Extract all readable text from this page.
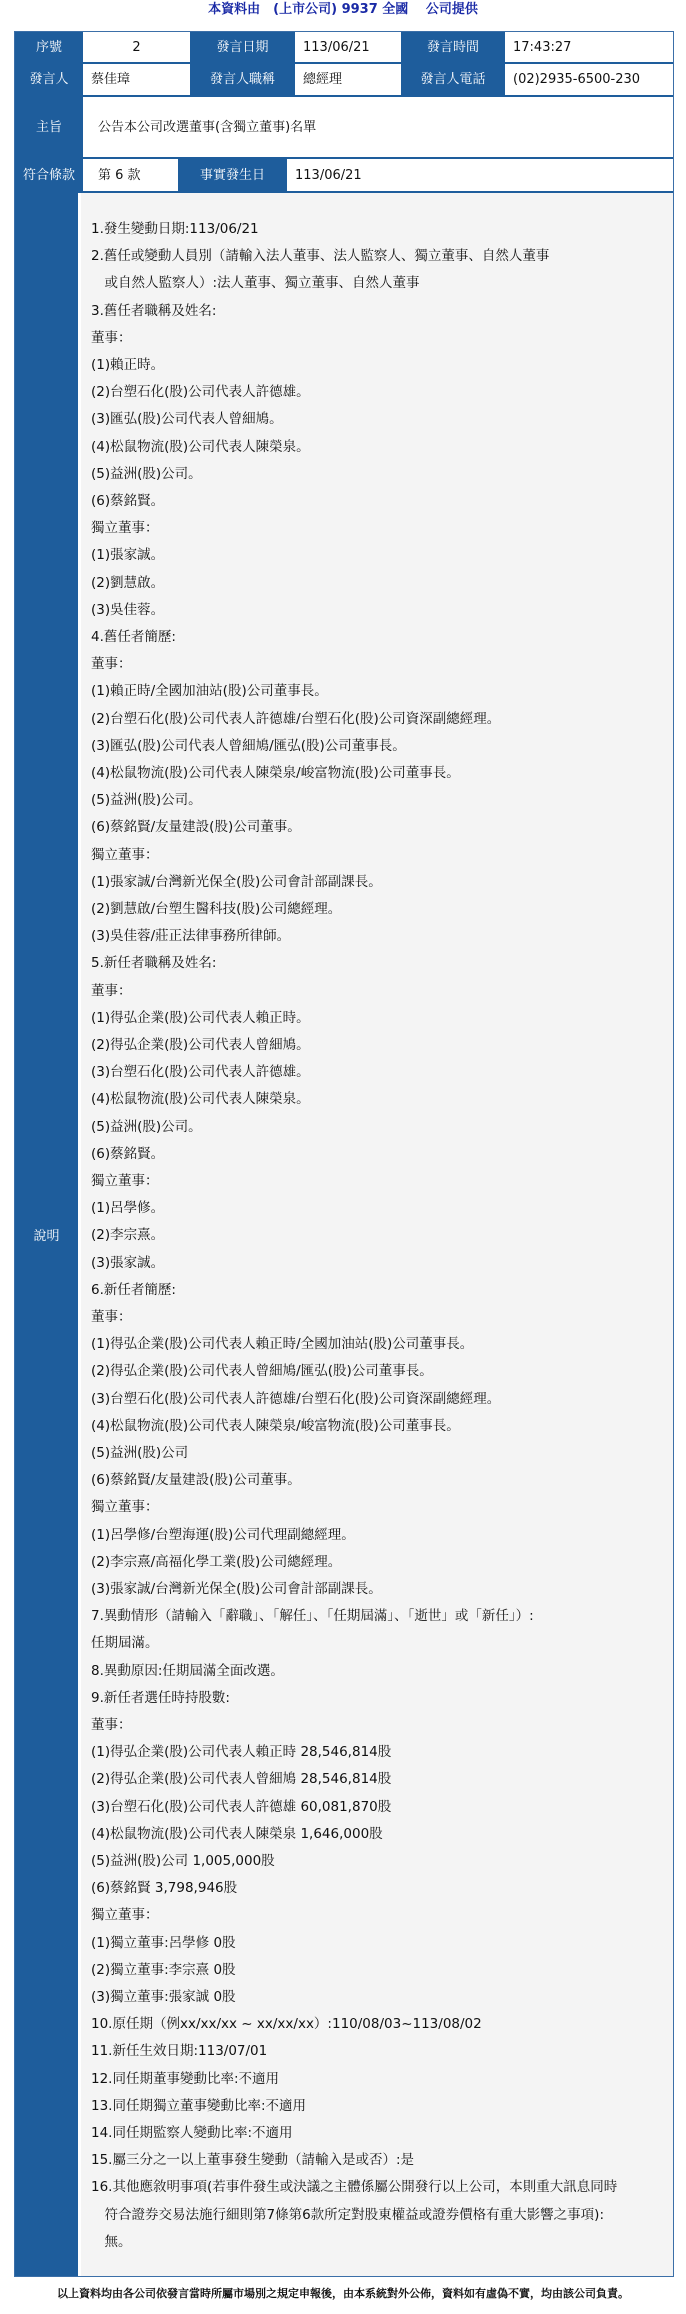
本資料由　(上市公司) 9937 全國　 公司提供
序號	2	發言日期	113/06/21	發言時間	17:43:27
發言人	蔡佳璋	發言人職稱	總經理	發言人電話	(02)2935-6500-230
主旨	公告本公司改選董事(含獨立董事)名單
符合條款	第 6 款	事實發生日	113/06/21
說明
1.發生變動日期:113/06/21
2.舊任或變動人員別（請輸入法人董事、法人監察人、獨立董事、自然人董事
　或自然人監察人）:法人董事、獨立董事、自然人董事
3.舊任者職稱及姓名:
董事：
(1)賴正時。
(2)台塑石化(股)公司代表人許德雄。
(3)匯弘(股)公司代表人曾細鳩。
(4)松鼠物流(股)公司代表人陳榮泉。
(5)益洲(股)公司。
(6)蔡銘賢。
獨立董事：
(1)張家誠。
(2)劉慧啟。
(3)吳佳蓉。
4.舊任者簡歷:
董事：
(1)賴正時/全國加油站(股)公司董事長。
(2)台塑石化(股)公司代表人許德雄/台塑石化(股)公司資深副總經理。
(3)匯弘(股)公司代表人曾細鳩/匯弘(股)公司董事長。
(4)松鼠物流(股)公司代表人陳榮泉/峻富物流(股)公司董事長。
(5)益洲(股)公司。
(6)蔡銘賢/友量建設(股)公司董事。
獨立董事：
(1)張家誠/台灣新光保全(股)公司會計部副課長。
(2)劉慧啟/台塑生醫科技(股)公司總經理。
(3)吳佳蓉/莊正法律事務所律師。
5.新任者職稱及姓名:
董事：
(1)得弘企業(股)公司代表人賴正時。
(2)得弘企業(股)公司代表人曾細鳩。
(3)台塑石化(股)公司代表人許德雄。
(4)松鼠物流(股)公司代表人陳榮泉。
(5)益洲(股)公司。
(6)蔡銘賢。
獨立董事：
(1)呂學修。
(2)李宗熹。
(3)張家誠。
6.新任者簡歷:
董事：
(1)得弘企業(股)公司代表人賴正時/全國加油站(股)公司董事長。
(2)得弘企業(股)公司代表人曾細鳩/匯弘(股)公司董事長。
(3)台塑石化(股)公司代表人許德雄/台塑石化(股)公司資深副總經理。
(4)松鼠物流(股)公司代表人陳榮泉/峻富物流(股)公司董事長。
(5)益洲(股)公司
(6)蔡銘賢/友量建設(股)公司董事。
獨立董事：
(1)呂學修/台塑海運(股)公司代理副總經理。
(2)李宗熹/高福化學工業(股)公司總經理。
(3)張家誠/台灣新光保全(股)公司會計部副課長。
7.異動情形（請輸入「辭職」、「解任」、「任期屆滿」、「逝世」或「新任」）:
任期屆滿。
8.異動原因:任期屆滿全面改選。
9.新任者選任時持股數:
董事：
(1)得弘企業(股)公司代表人賴正時 28,546,814股
(2)得弘企業(股)公司代表人曾細鳩 28,546,814股
(3)台塑石化(股)公司代表人許德雄 60,081,870股
(4)松鼠物流(股)公司代表人陳榮泉 1,646,000股
(5)益洲(股)公司 1,005,000股
(6)蔡銘賢 3,798,946股
獨立董事：
(1)獨立董事:呂學修 0股
(2)獨立董事:李宗熹 0股
(3)獨立董事:張家誠 0股
10.原任期（例xx/xx/xx ~ xx/xx/xx）:110/08/03~113/08/02
11.新任生效日期:113/07/01
12.同任期董事變動比率:不適用
13.同任期獨立董事變動比率:不適用
14.同任期監察人變動比率:不適用
15.屬三分之一以上董事發生變動（請輸入是或否）:是
16.其他應敘明事項(若事件發生或決議之主體係屬公開發行以上公司，本則重大訊息同時
　符合證券交易法施行細則第7條第6款所定對股東權益或證券價格有重大影響之事項):
　無。
以上資料均由各公司依發言當時所屬市場別之規定申報後，由本系統對外公佈，資料如有虛偽不實，均由該公司負責。
